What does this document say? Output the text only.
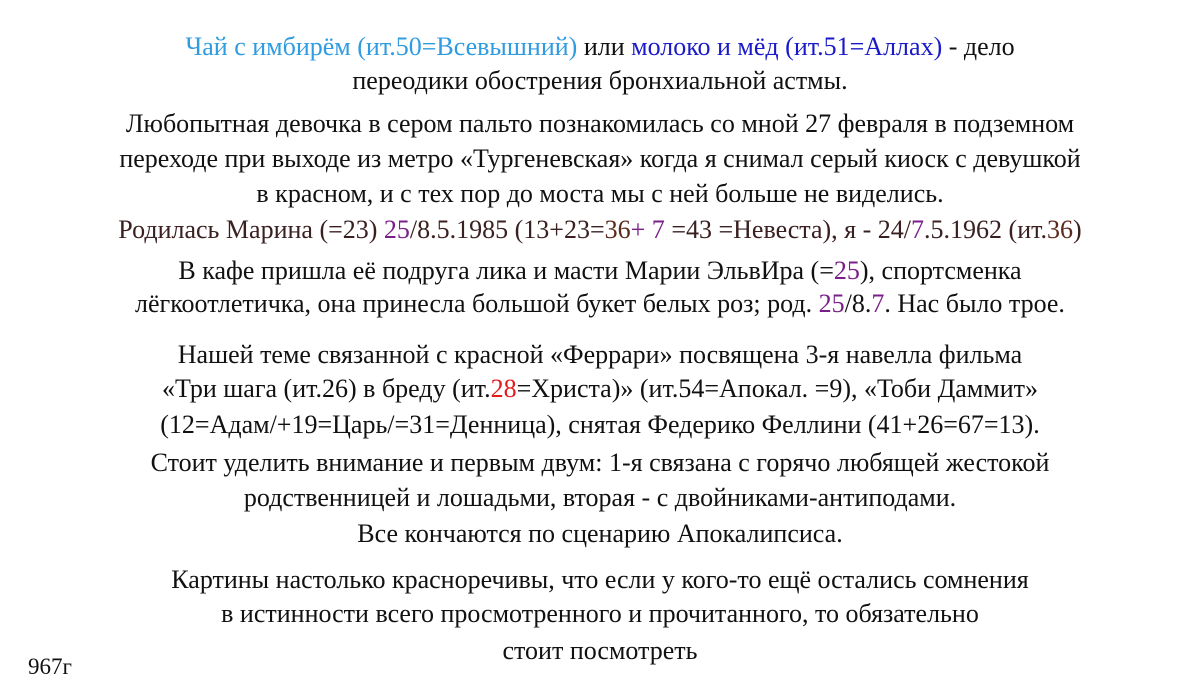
Чай с имбирём (ит.50=Всевышний) или молоко и мёд (ит.51=Аллах) - дело
переодики обострения бронхиальной астмы.
Любопытная девочка в сером пальто познакомилась со мной 27 февраля в подземном
переходе при выходе из метро «Тургеневская» когда я снимал серый киоск с девушкой
в красном, и с тех пор до моста мы с ней больше не виделись.
Родилась Марина (=23) 25/8.5.1985 (13+23=36+ 7 =43 =Невеста), я - 24/7.5.1962 (ит.36)
В кафе пришла её подруга лика и масти Марии ЭльвИра (=25), спортсменка
лёгкоотлетичка, она принесла большой букет белых роз; род. 25/8.7. Нас было трое.
Нашей теме связанной с красной «Феррари» посвящена 3-я навелла фильма
«Три шага (ит.26) в бреду (ит.28=Христа)» (ит.54=Апокал. =9), «Тоби Даммит»
(12=Адам/+19=Царь/=31=Денница), снятая Федерико Феллини (41+26=67=13).
Стоит уделить внимание и первым двум: 1-я связана с горячо любящей жестокой
родственницей и лошадьми, вторая - с двойниками-антиподами.
Все кончаются по сценарию Апокалипсиса.
Картины настолько красноречивы, что если у кого-то ещё остались сомнения
в истинности всего просмотренного и прочитанного, то обязательно
стоит посмотреть
967г
